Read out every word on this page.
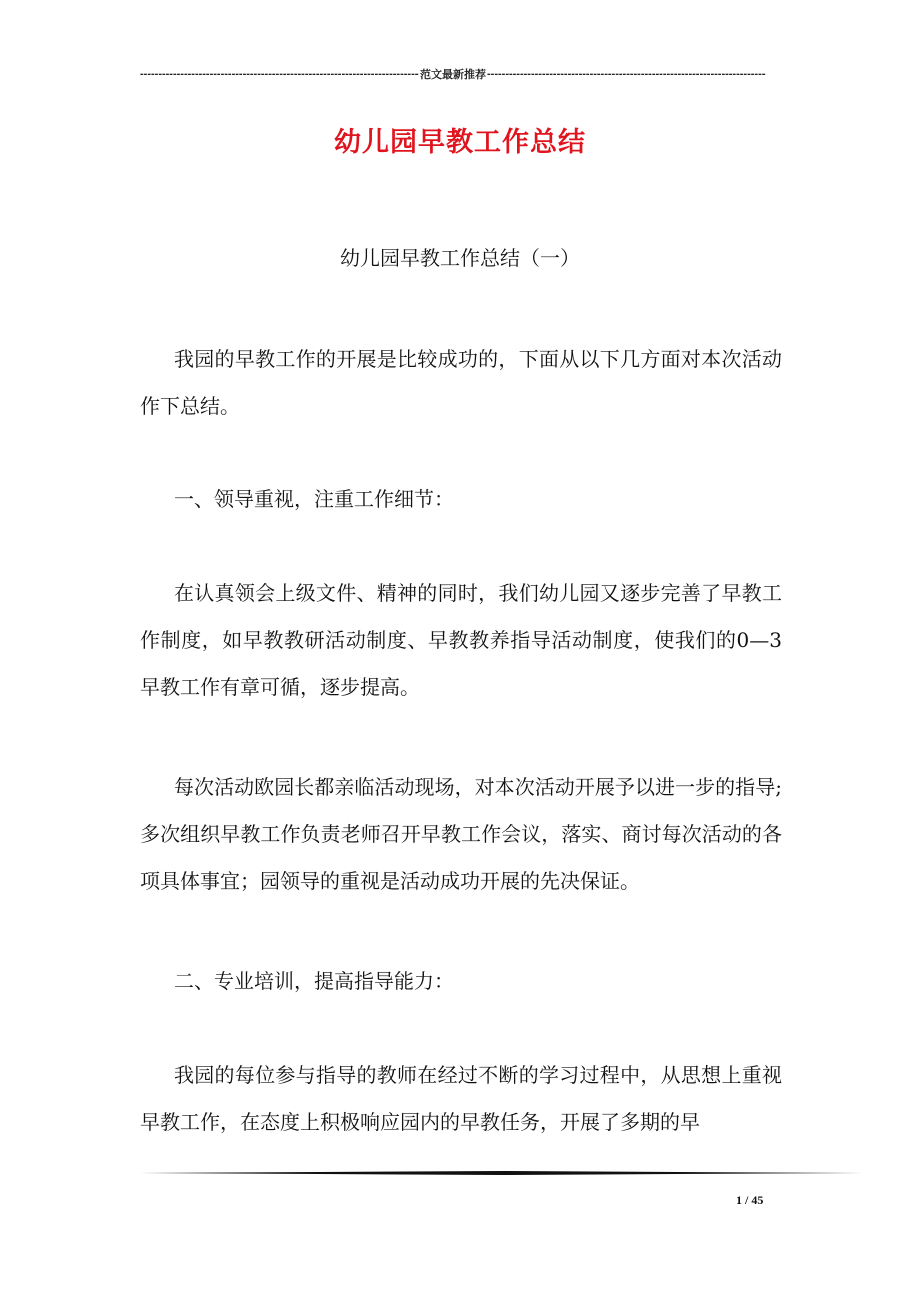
-----
范文最新推荐
-----
幼儿园早教工作总结
幼儿园早教工作总结（一）
我园的早教工作的开展是比较成功的，下面从以下几方面对本次活动作下总结。
一、领导重视，注重工作细节：
在认真领会上级文件、精神的同时，我们幼儿园又逐步完善了早教工作制度，如早教教研活动制度、早教教养指导活动制度，使我们的0—3早教工作有章可循，逐步提高。
每次活动欧园长都亲临活动现场，对本次活动开展予以进一步的指导;多次组织早教工作负责老师召开早教工作会议，落实、商讨每次活动的各项具体事宜；园领导的重视是活动成功开展的先决保证。
二、专业培训，提高指导能力：
我园的每位参与指导的教师在经过不断的学习过程中，从思想上重视早教工作，在态度上积极响应园内的早教任务，开展了多期的早
1 / 45
